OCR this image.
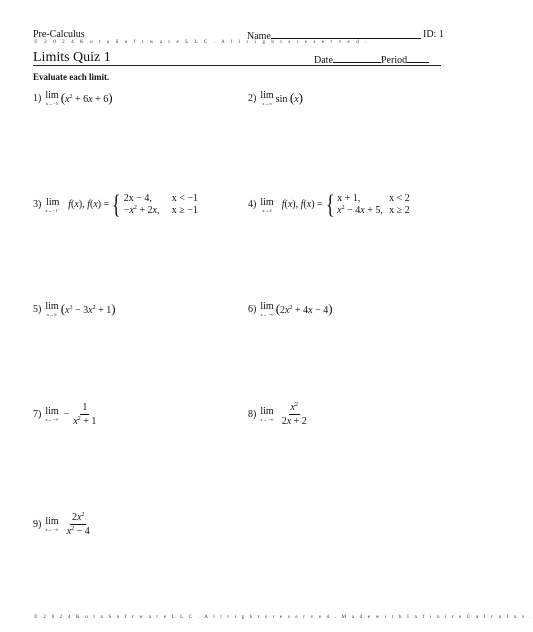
Pre-Calculus	Name	ID: 1
© 2 0 2 4 K u t a S o f t w a r e L L C . A l l r i g h t s r e s e r v e d .
Limits Quiz 1	Date	Period
Evaluate each limit.
1) lim
x→−5 $(x^2 + 6x + 6)$	2) lim
x→π sin (x)
3) lim
x→−1⁻ f(x), f(x) = { 2x − 4,	x < −1
$-x^2 + 2x$,	x ≥ −1
4) lim
x→2 f(x), f(x) = { x + 1,	x < 2
$x^2 - 4x + 5$, x ≥ 2
5) lim
x→∞ $(x^3 - 3x^2 + 1)$	6) lim
x→−∞ $(2x^2 + 4x - 4)$
7) lim
$x\to-\infty - \frac{1}{x^2 + 1}$	8) lim
$x\to-\infty \frac{x^2}{2x + 2}$
9) lim
$x\to-\infty \frac{2x^2}{x^2 - 4}$
© 2 0 2 4 K u t a S o f t w a r e L L C . A l l r i g h t s r e s e r v e d . M a d e w i t h I n f i n i t e C a l c u l u s .
